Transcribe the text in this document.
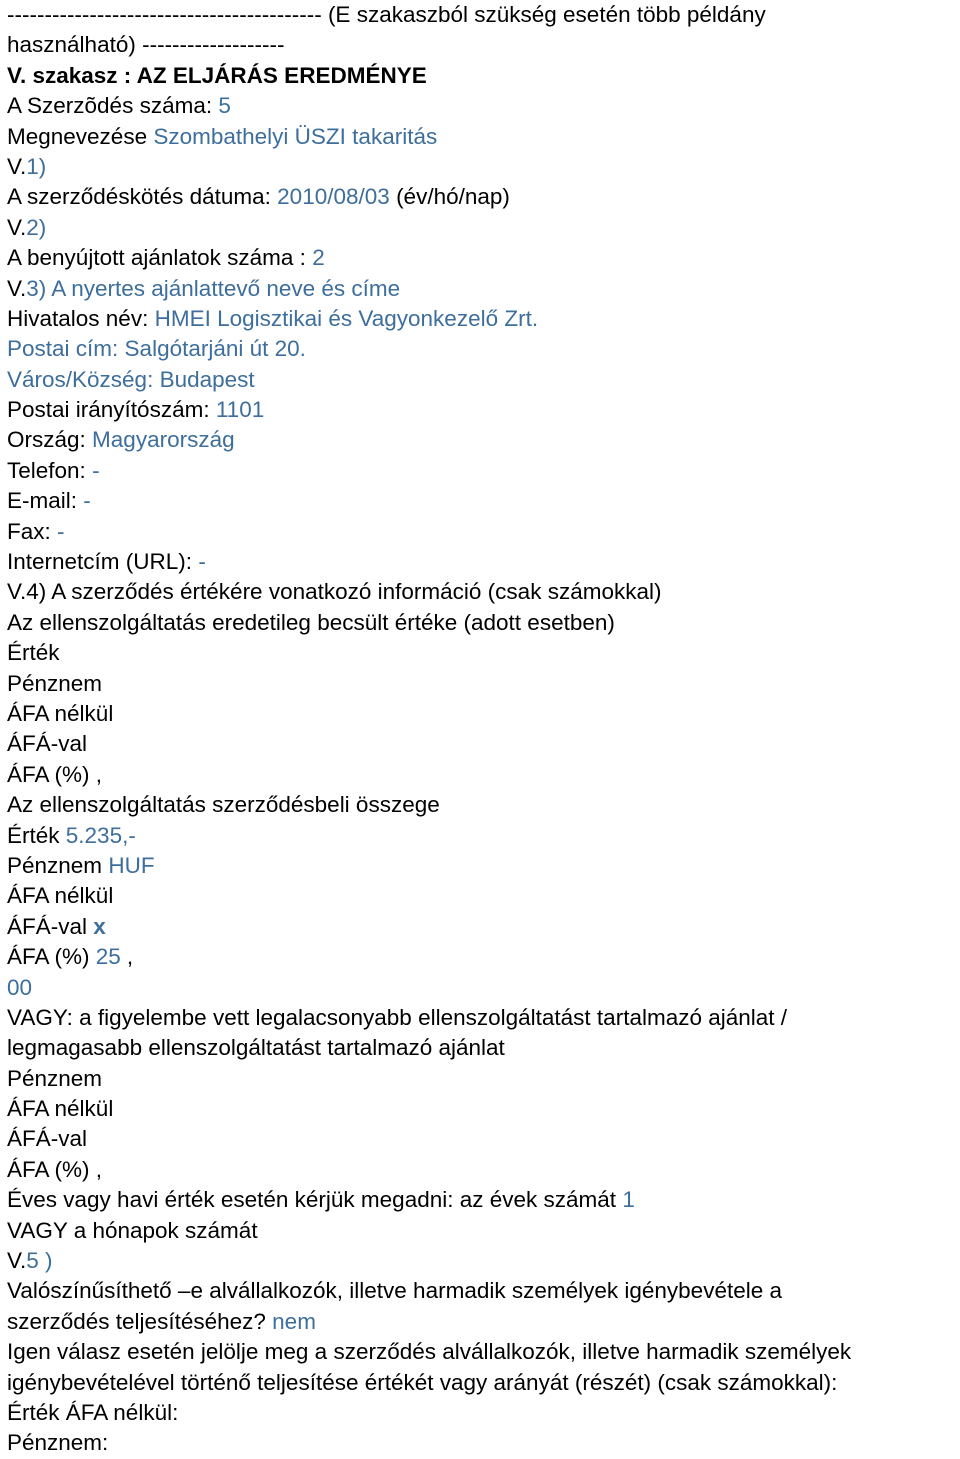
------------------------------------------ (E szakaszból szükség esetén több példány
használható) -------------------
V. szakasz : AZ ELJÁRÁS EREDMÉNYE
A Szerzõdés száma: 5
Megnevezése Szombathelyi ÜSZI takaritás
V.1)
A szerződéskötés dátuma: 2010/08/03 (év/hó/nap)
V.2)
A benyújtott ajánlatok száma : 2
V.3) A nyertes ajánlattevő neve és címe
Hivatalos név: HMEI Logisztikai és Vagyonkezelő Zrt.
Postai cím: Salgótarjáni út 20.
Város/Község: Budapest
Postai irányítószám: 1101
Ország: Magyarország
Telefon: -
E-mail: -
Fax: -
Internetcím (URL): -
V.4) A szerződés értékére vonatkozó információ (csak számokkal)
Az ellenszolgáltatás eredetileg becsült értéke (adott esetben)
Érték
Pénznem
ÁFA nélkül
ÁFÁ-val
ÁFA (%) ,
Az ellenszolgáltatás szerződésbeli összege
Érték 5.235,-
Pénznem HUF
ÁFA nélkül
ÁFÁ-val x
ÁFA (%) 25 ,
00
VAGY: a figyelembe vett legalacsonyabb ellenszolgáltatást tartalmazó ajánlat /
legmagasabb ellenszolgáltatást tartalmazó ajánlat
Pénznem
ÁFA nélkül
ÁFÁ-val
ÁFA (%) ,
Éves vagy havi érték esetén kérjük megadni: az évek számát 1
VAGY a hónapok számát
V.5 )
Valószínűsíthető –e alvállalkozók, illetve harmadik személyek igénybevétele a
szerződés teljesítéséhez? nem
Igen válasz esetén jelölje meg a szerződés alvállalkozók, illetve harmadik személyek
igénybevételével történő teljesítése értékét vagy arányát (részét) (csak számokkal):
Érték ÁFA nélkül:
Pénznem:
